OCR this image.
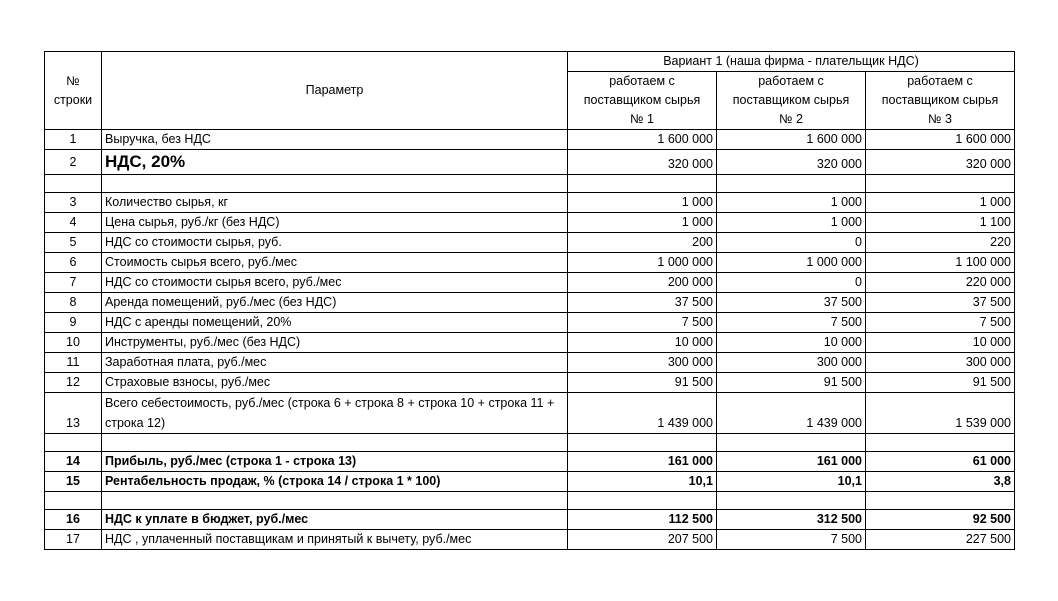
№
строки	Параметр	Вариант 1 (наша фирма - плательщик НДС)		
		работаем с	работаем с	работаем с
		поставщиком сырья	поставщиком сырья	поставщиком сырья
		№ 1	№ 2	№ 3
1	Выручка, без НДС	1 600 000	1 600 000	1 600 000
2	НДС, 20%	320 000	320 000	320 000

3	Количество сырья, кг	1 000	1 000	1 000
4	Цена сырья, руб./кг (без НДС)	1 000	1 000	1 100
5	НДС со стоимости сырья, руб.	200	0	220
6	Стоимость сырья всего, руб./мес	1 000 000	1 000 000	1 100 000
7	НДС со стоимости сырья всего, руб./мес	200 000	0	220 000
8	Аренда помещений, руб./мес (без НДС)	37 500	37 500	37 500
9	НДС с аренды помещений, 20%	7 500	7 500	7 500
10	Инструменты, руб./мес (без НДС)	10 000	10 000	10 000
11	Заработная плата, руб./мес	300 000	300 000	300 000
12	Страховые взносы, руб./мес	91 500	91 500	91 500
13	Всего себестоимость, руб./мес (строка 6 + строка 8 + строка 10 + строка 11 + строка 12)	1 439 000	1 439 000	1 539 000

14	Прибыль, руб./мес (строка 1 - строка 13)	161 000	161 000	61 000
15	Рентабельность продаж, % (строка 14 / строка 1 * 100)	10,1	10,1	3,8

16	НДС к уплате в бюджет, руб./мес	112 500	312 500	92 500
17	НДС , уплаченный поставщикам и принятый к вычету, руб./мес	207 500	7 500	227 500
